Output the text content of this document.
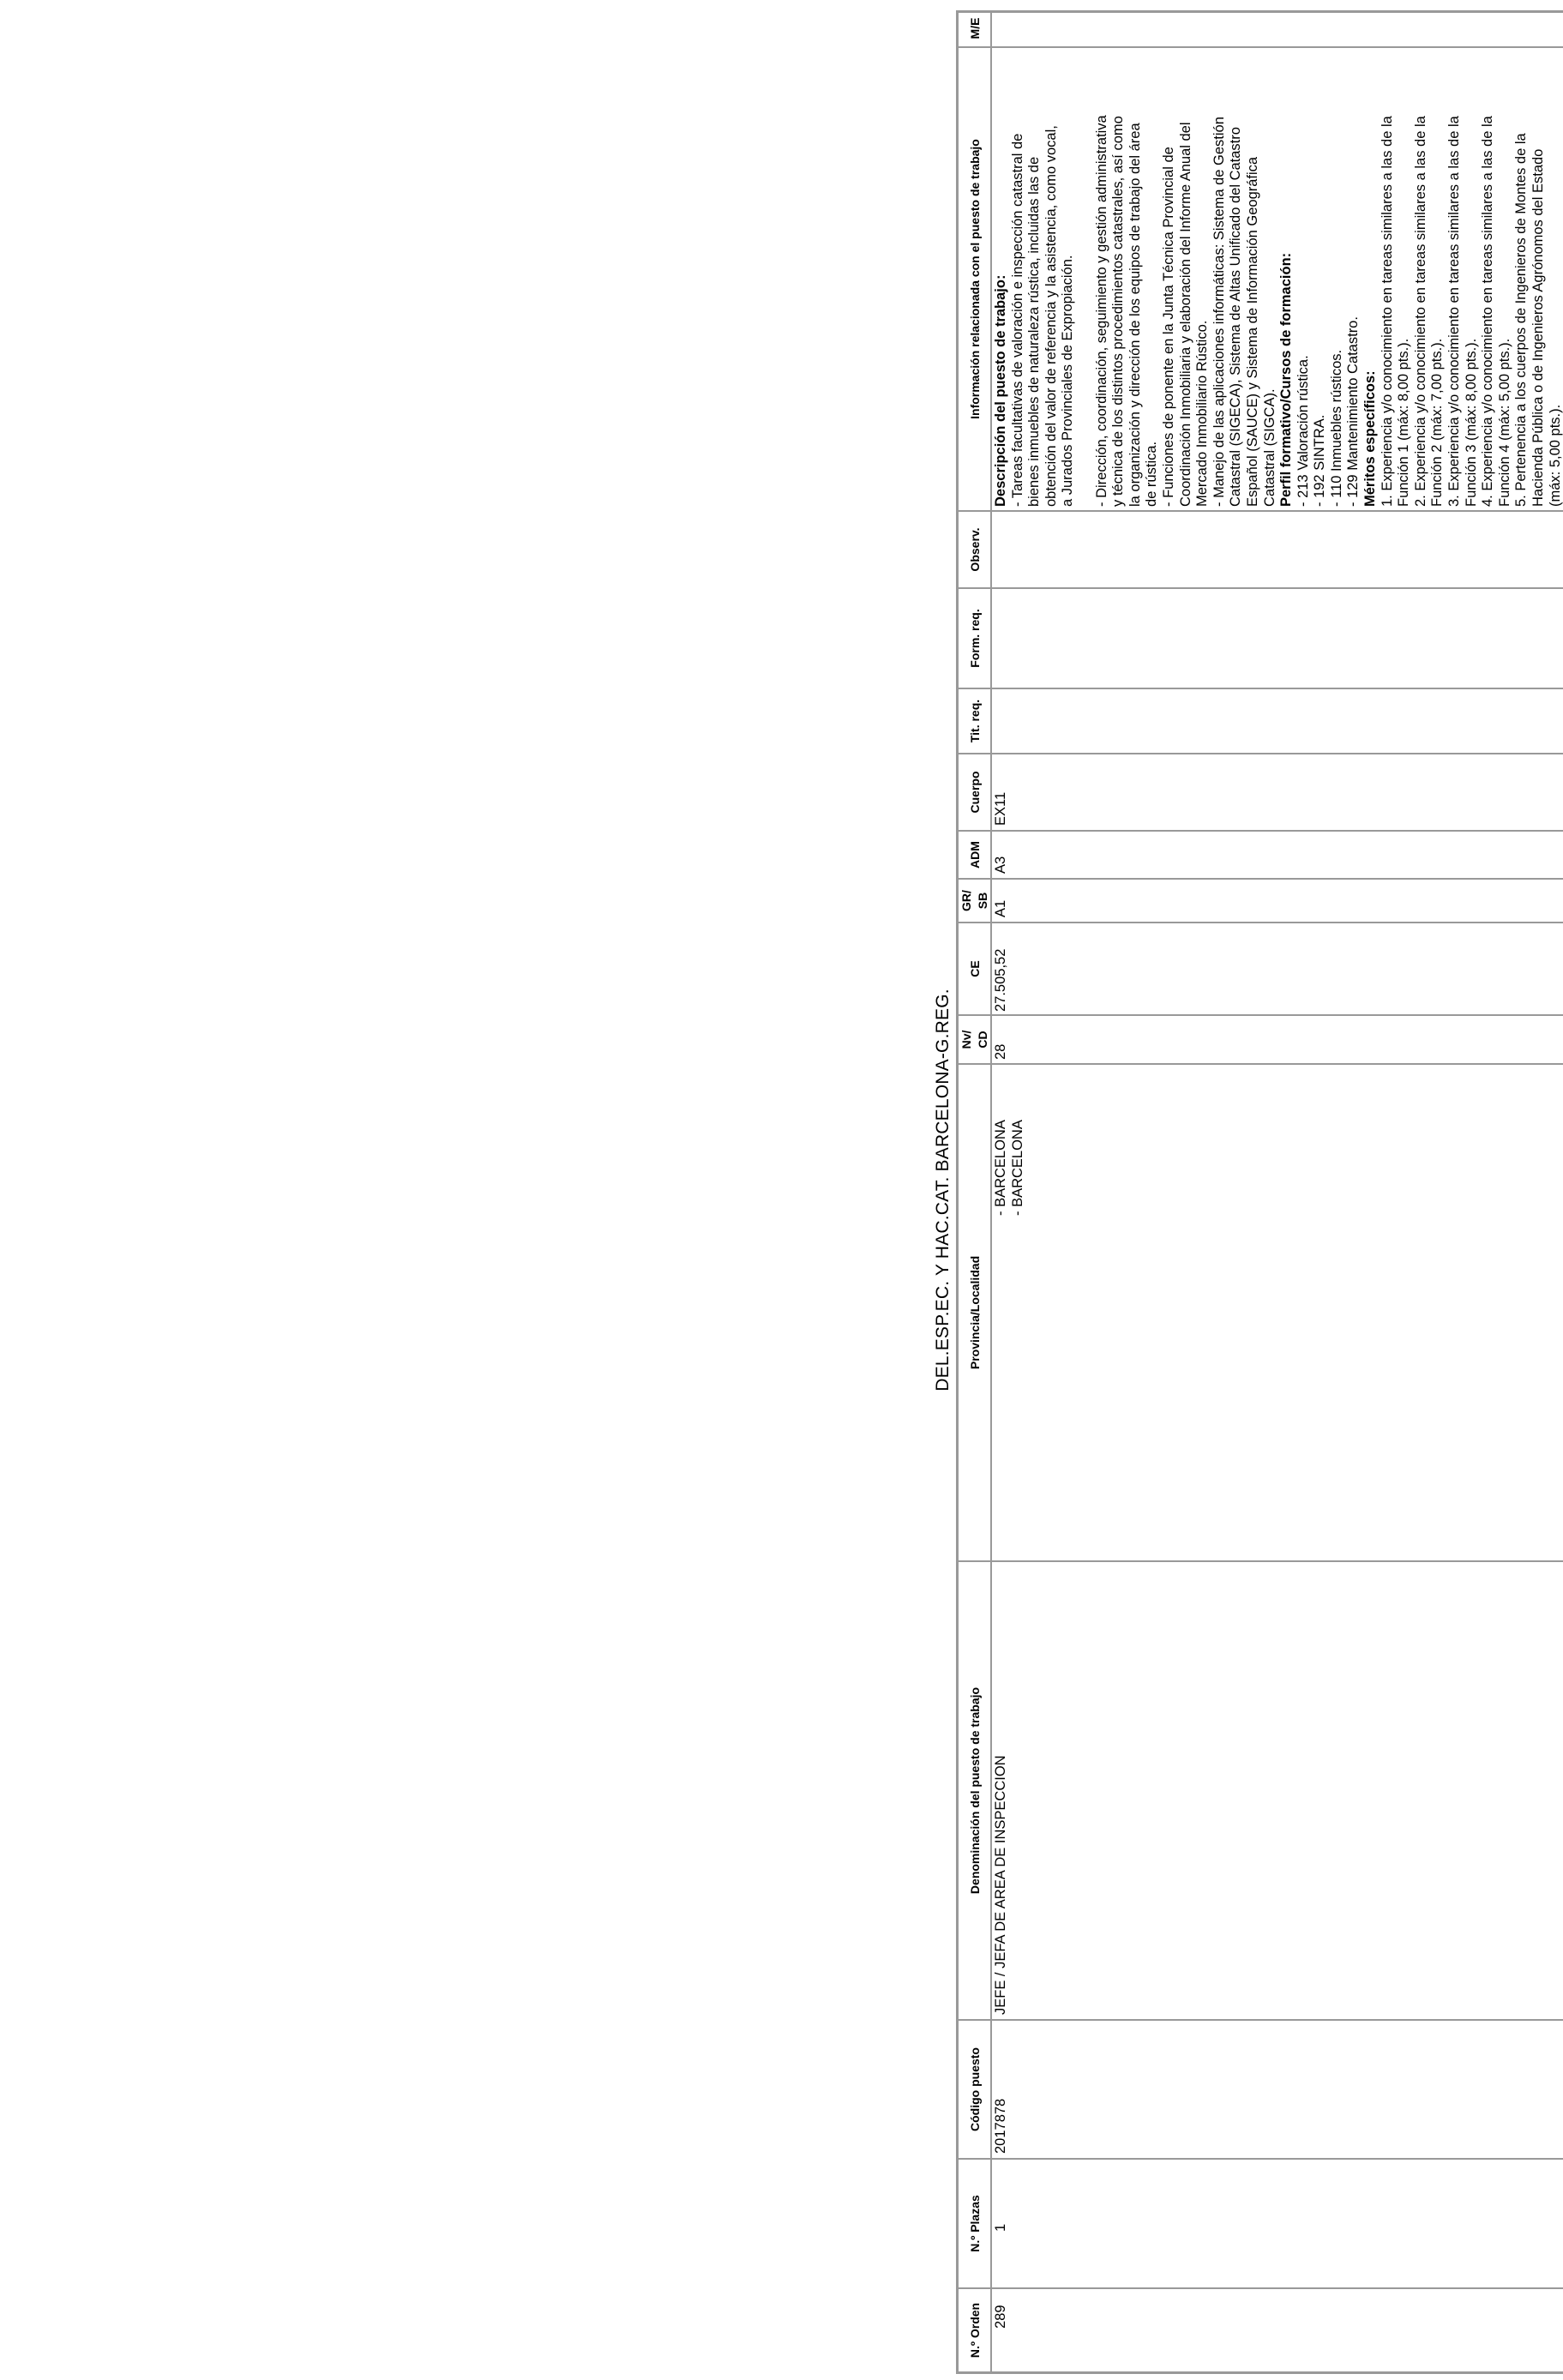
DEL.ESP.EC. Y HAC.CAT. BARCELONA-G.REG.
N.º Orden
N.º Plazas
Código puesto
Denominación del puesto de trabajo
Provincia/Localidad
Nv/ CD
CE
GR/ SB
ADM
Cuerpo
Tit. req.
Form. req.
Observ.
Información relacionada con el puesto de trabajo
M/E
289
1
2017878
JEFE / JEFA DE AREA DE INSPECCION
- BARCELONA - BARCELONA
28
27.505,52
A1
A3
EX11
Descripción del puesto de trabajo: - Tareas facultativas de valoración e inspección catastral de bienes inmuebles de naturaleza rústica, incluidas las de obtención del valor de referencia y la asistencia, como vocal, a Jurados Provinciales de Expropiación. - Dirección, coordinación, seguimiento y gestión administrativa y técnica de los distintos procedimientos catastrales, así como la organización y dirección de los equipos de trabajo del área de rústica. - Funciones de ponente en la Junta Técnica Provincial de Coordinación Inmobiliaria y elaboración del Informe Anual del Mercado Inmobiliario Rústico. - Manejo de las aplicaciones informáticas: Sistema de Gestión Catastral (SIGECA), Sistema de Altas Unificado del Catastro Español (SAUCE) y Sistema de Información Geográfica Catastral (SIGCA). Perfil formativo/Cursos de formación: - 213 Valoración rústica. - 192 SINTRA. - 110 Inmuebles rústicos. - 129 Mantenimiento Catastro. Méritos específicos: 1. Experiencia y/o conocimiento en tareas similares a las de la Función 1 (máx: 8,00 pts.). 2. Experiencia y/o conocimiento en tareas similares a las de la Función 2 (máx: 7,00 pts.). 3. Experiencia y/o conocimiento en tareas similares a las de la Función 3 (máx: 8,00 pts.). 4. Experiencia y/o conocimiento en tareas similares a las de la Función 4 (máx: 5,00 pts.). 5. Pertenencia a los cuerpos de Ingenieros de Montes de la Hacienda Pública o de Ingenieros Agrónomos del Estado (máx: 5,00 pts.).
